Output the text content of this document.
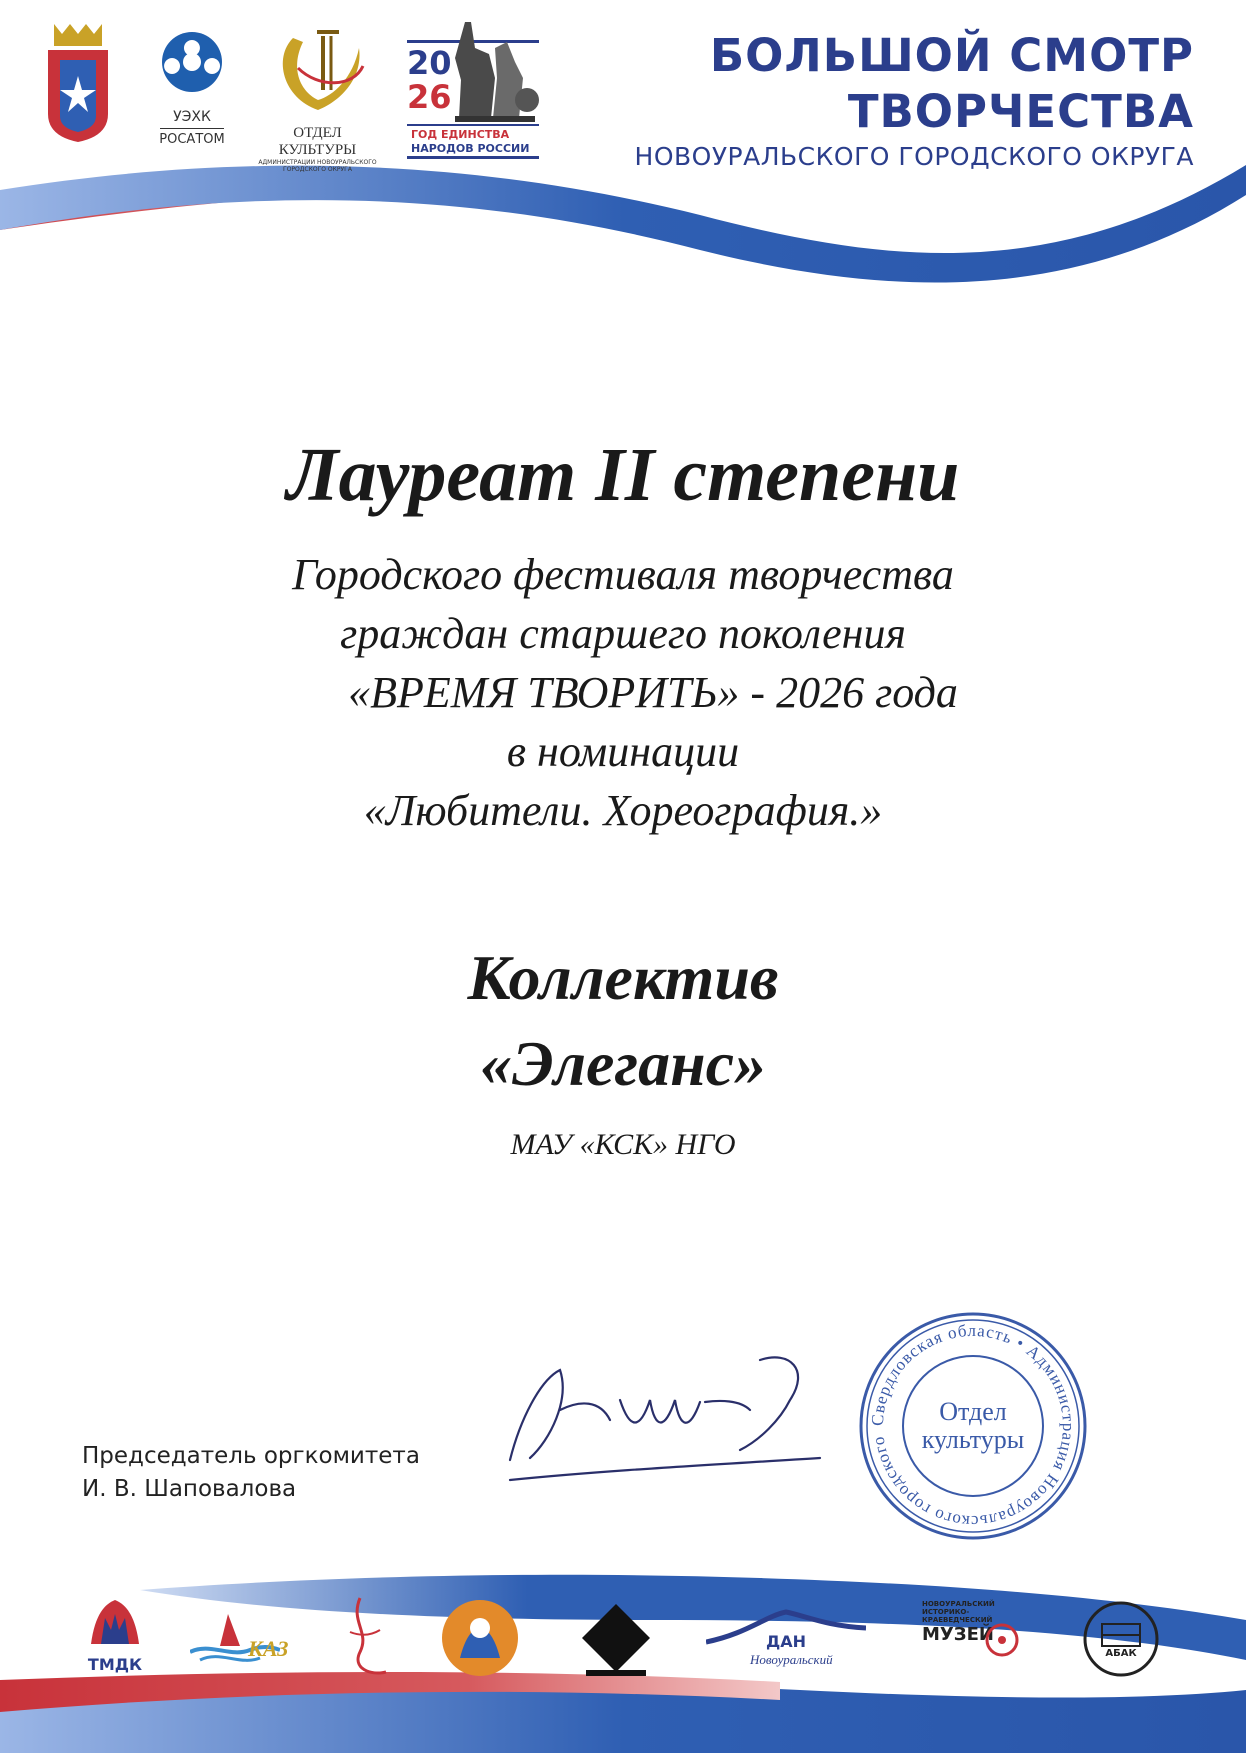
УЭХК
РОСАТОМ	ОТДЕЛ КУЛЬТУРЫ
АДМИНИСТРАЦИИ НОВОУРАЛЬСКОГО
ГОРОДСКОГО ОКРУГА
20
26
ГОД ЕДИНСТВА
НАРОДОВ РОССИИ
БОЛЬШОЙ СМОТР
ТВОРЧЕСТВА
НОВОУРАЛЬСКОГО ГОРОДСКОГО ОКРУГА
Лауреат II степени
Городского фестиваля творчества
граждан старшего поколения
«ВРЕМЯ ТВОРИТЬ» - 2026 года
в номинации
«Любители. Хореография.»
Коллектив
«Элеганс»
МАУ «КСК» НГО
Председатель оргкомитета
И. В. Шаповалова
Свердловская область • Администрация Новоуральского городского
Отдел
культуры
ТМДК
КАЗ	ДАН
Новоуральский
НОВОУРАЛЬСКИЙ
ИСТОРИКО-
КРАЕВЕДЧЕСКИЙ
МУЗЕЙ
АБАК
